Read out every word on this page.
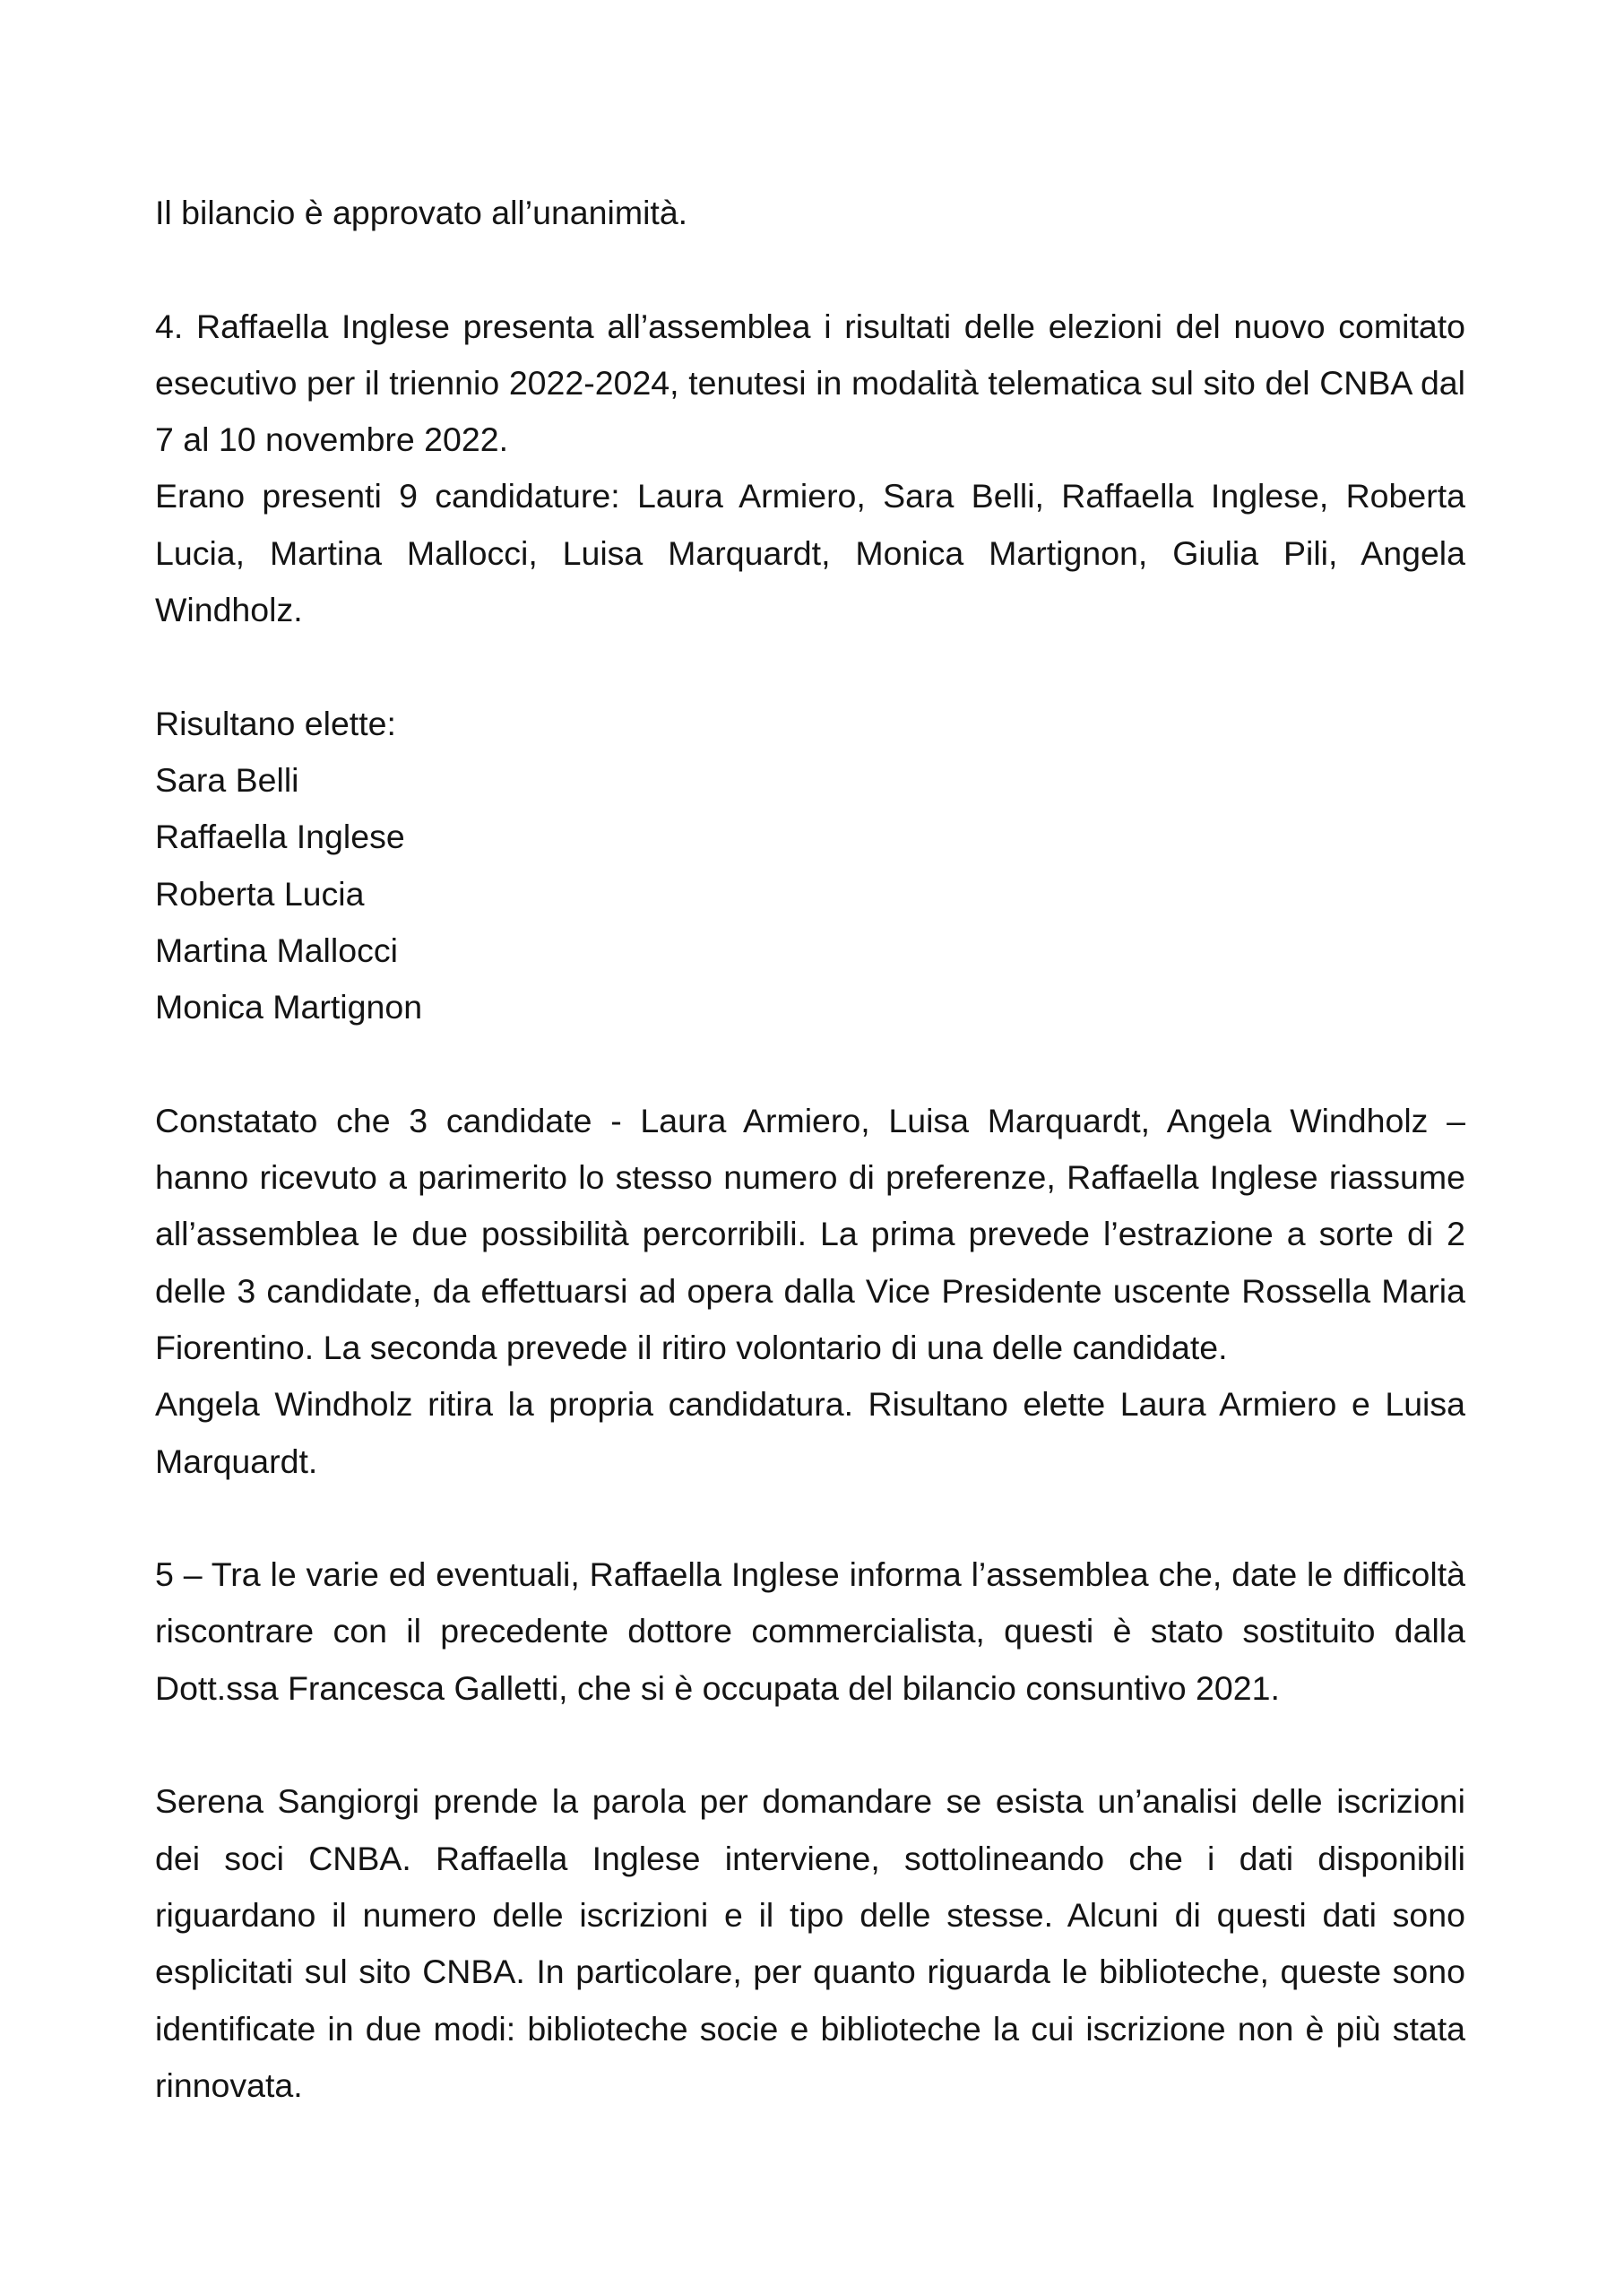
Il bilancio è approvato all’unanimità.

4. Raffaella Inglese presenta all’assemblea i risultati delle elezioni del nuovo comitato esecutivo per il triennio 2022-2024, tenutesi in modalità telematica sul sito del CNBA dal 7 al 10 novembre 2022.

Erano presenti 9 candidature: Laura Armiero, Sara Belli, Raffaella Inglese, Roberta Lucia, Martina Mallocci, Luisa Marquardt, Monica Martignon, Giulia Pili, Angela Windholz.

Risultano elette:

Sara Belli
Raffaella Inglese
Roberta Lucia
Martina Mallocci
Monica Martignon

Constatato che 3 candidate - Laura Armiero, Luisa Marquardt, Angela Windholz – hanno ricevuto a parimerito lo stesso numero di preferenze, Raffaella Inglese riassume all’assemblea le due possibilità percorribili. La prima prevede l’estrazione a sorte di 2 delle 3 candidate, da effettuarsi ad opera dalla Vice Presidente uscente Rossella Maria Fiorentino. La seconda prevede il ritiro volontario di una delle candidate.

Angela Windholz ritira la propria candidatura. Risultano elette Laura Armiero e Luisa Marquardt.

5 – Tra le varie ed eventuali, Raffaella Inglese informa l’assemblea che, date le difficoltà riscontrare con il precedente dottore commercialista, questi è stato sostituito dalla Dott.ssa Francesca Galletti, che si è occupata del bilancio consuntivo 2021.

Serena Sangiorgi prende la parola per domandare se esista un’analisi delle iscrizioni dei soci CNBA. Raffaella Inglese interviene, sottolineando che i dati disponibili riguardano il numero delle iscrizioni e il tipo delle stesse. Alcuni di questi dati sono esplicitati sul sito CNBA. In particolare, per quanto riguarda le biblioteche, queste sono identificate in due modi: biblioteche socie e biblioteche la cui iscrizione non è più stata rinnovata.
